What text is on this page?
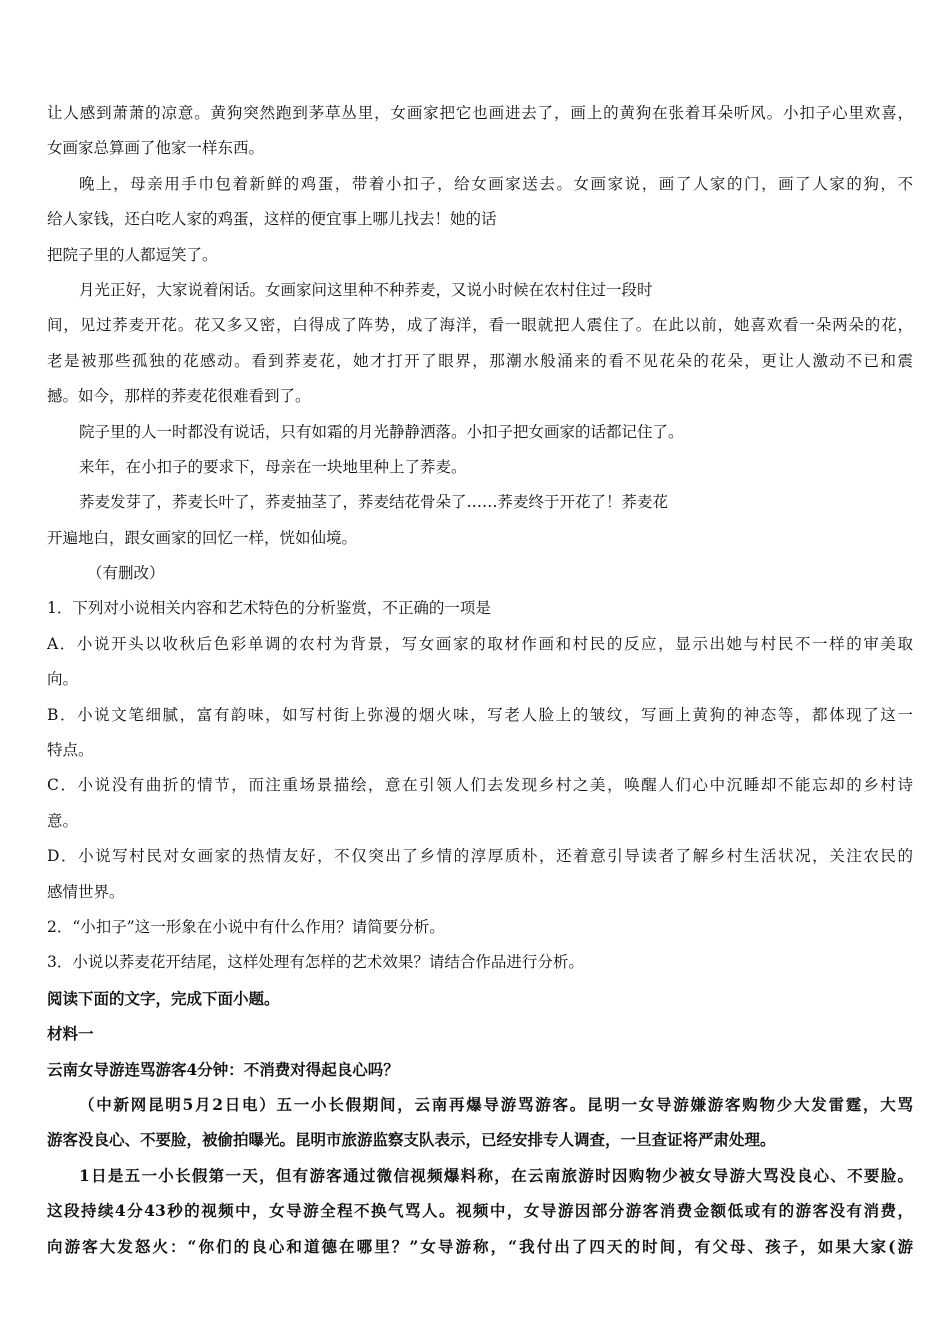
让人感到萧萧的凉意。黄狗突然跑到茅草丛里，女画家把它也画进去了，画上的黄狗在张着耳朵听风。小扣子心里欢喜，
女画家总算画了他家一样东西。
晚上，母亲用手巾包着新鲜的鸡蛋，带着小扣子，给女画家送去。女画家说，画了人家的门，画了人家的狗，不
给人家钱，还白吃人家的鸡蛋，这样的便宜事上哪儿找去！她的话
把院子里的人都逗笑了。
月光正好，大家说着闲话。女画家问这里种不种荞麦，又说小时候在农村住过一段时
间，见过荞麦开花。花又多又密，白得成了阵势，成了海洋，看一眼就把人震住了。在此以前，她喜欢看一朵两朵的花，
老是被那些孤独的花感动。看到荞麦花，她才打开了眼界，那潮水般涌来的看不见花朵的花朵，更让人激动不已和震
撼。如今，那样的荞麦花很难看到了。
院子里的人一时都没有说话，只有如霜的月光静静洒落。小扣子把女画家的话都记住了。
来年，在小扣子的要求下，母亲在一块地里种上了荞麦。
荞麦发芽了，荞麦长叶了，荞麦抽茎了，荞麦结花骨朵了……荞麦终于开花了！荞麦花
开遍地白，跟女画家的回忆一样，恍如仙境。
（有删改）
1．下列对小说相关内容和艺术特色的分析鉴赏，不正确的一项是
A．小说开头以收秋后色彩单调的农村为背景，写女画家的取材作画和村民的反应，显示出她与村民不一样的审美取
向。
B．小说文笔细腻，富有韵味，如写村街上弥漫的烟火味，写老人脸上的皱纹，写画上黄狗的神态等，都体现了这一
特点。
C．小说没有曲折的情节，而注重场景描绘，意在引领人们去发现乡村之美，唤醒人们心中沉睡却不能忘却的乡村诗
意。
D．小说写村民对女画家的热情友好，不仅突出了乡情的淳厚质朴，还着意引导读者了解乡村生活状况，关注农民的
感情世界。
2．“小扣子”这一形象在小说中有什么作用？请简要分析。
3．小说以荞麦花开结尾，这样处理有怎样的艺术效果？请结合作品进行分析。
阅读下面的文字，完成下面小题。
材料一
云南女导游连骂游客4分钟：不消费对得起良心吗？
（中新网昆明5月2日电）五一小长假期间，云南再爆导游骂游客。昆明一女导游嫌游客购物少大发雷霆，大骂
游客没良心、不要脸，被偷拍曝光。昆明市旅游监察支队表示，已经安排专人调查，一旦查证将严肃处理。
1日是五一小长假第一天，但有游客通过微信视频爆料称，在云南旅游时因购物少被女导游大骂没良心、不要脸。
这段持续4分43秒的视频中，女导游全程不换气骂人。视频中，女导游因部分游客消费金额低或有的游客没有消费，
向游客大发怒火：“你们的良心和道德在哪里？”女导游称，“我付出了四天的时间，有父母、孩子，如果大家(游
